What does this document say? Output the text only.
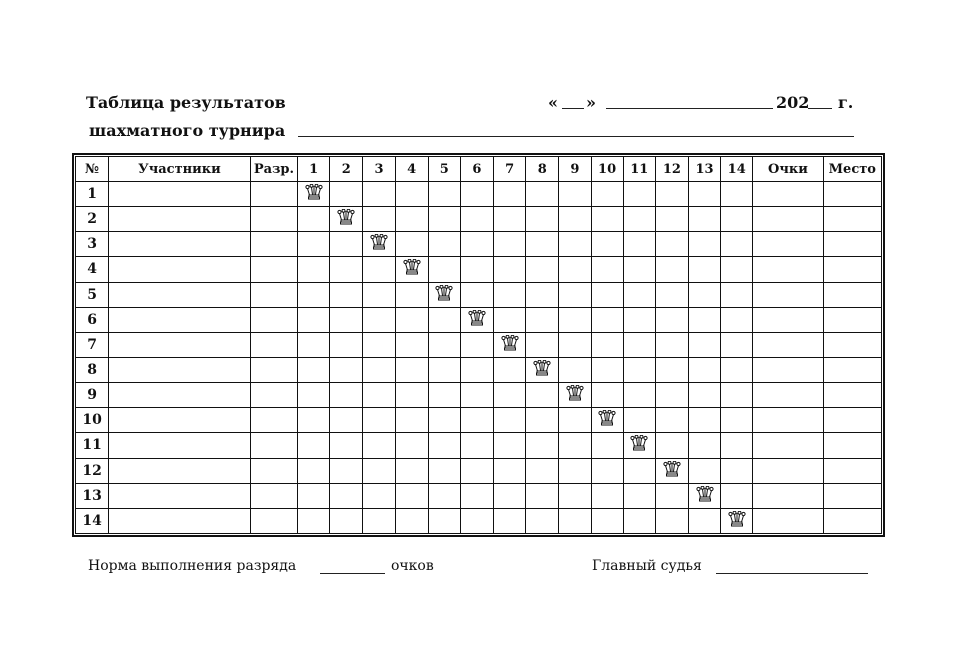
Таблица результатов
шахматного турнира
« »	202 г.
№	Участники	Разр.	1	2	3	4	5	6	7	8	9	10	11	12	13	14	Очки	Место
1																		
2																		
3																		
4																		
5																		
6																		
7																		
8																		
9																		
10																		
11																		
12																		
13																		
14																		
Норма выполнения разряда	очков	Главный судья
